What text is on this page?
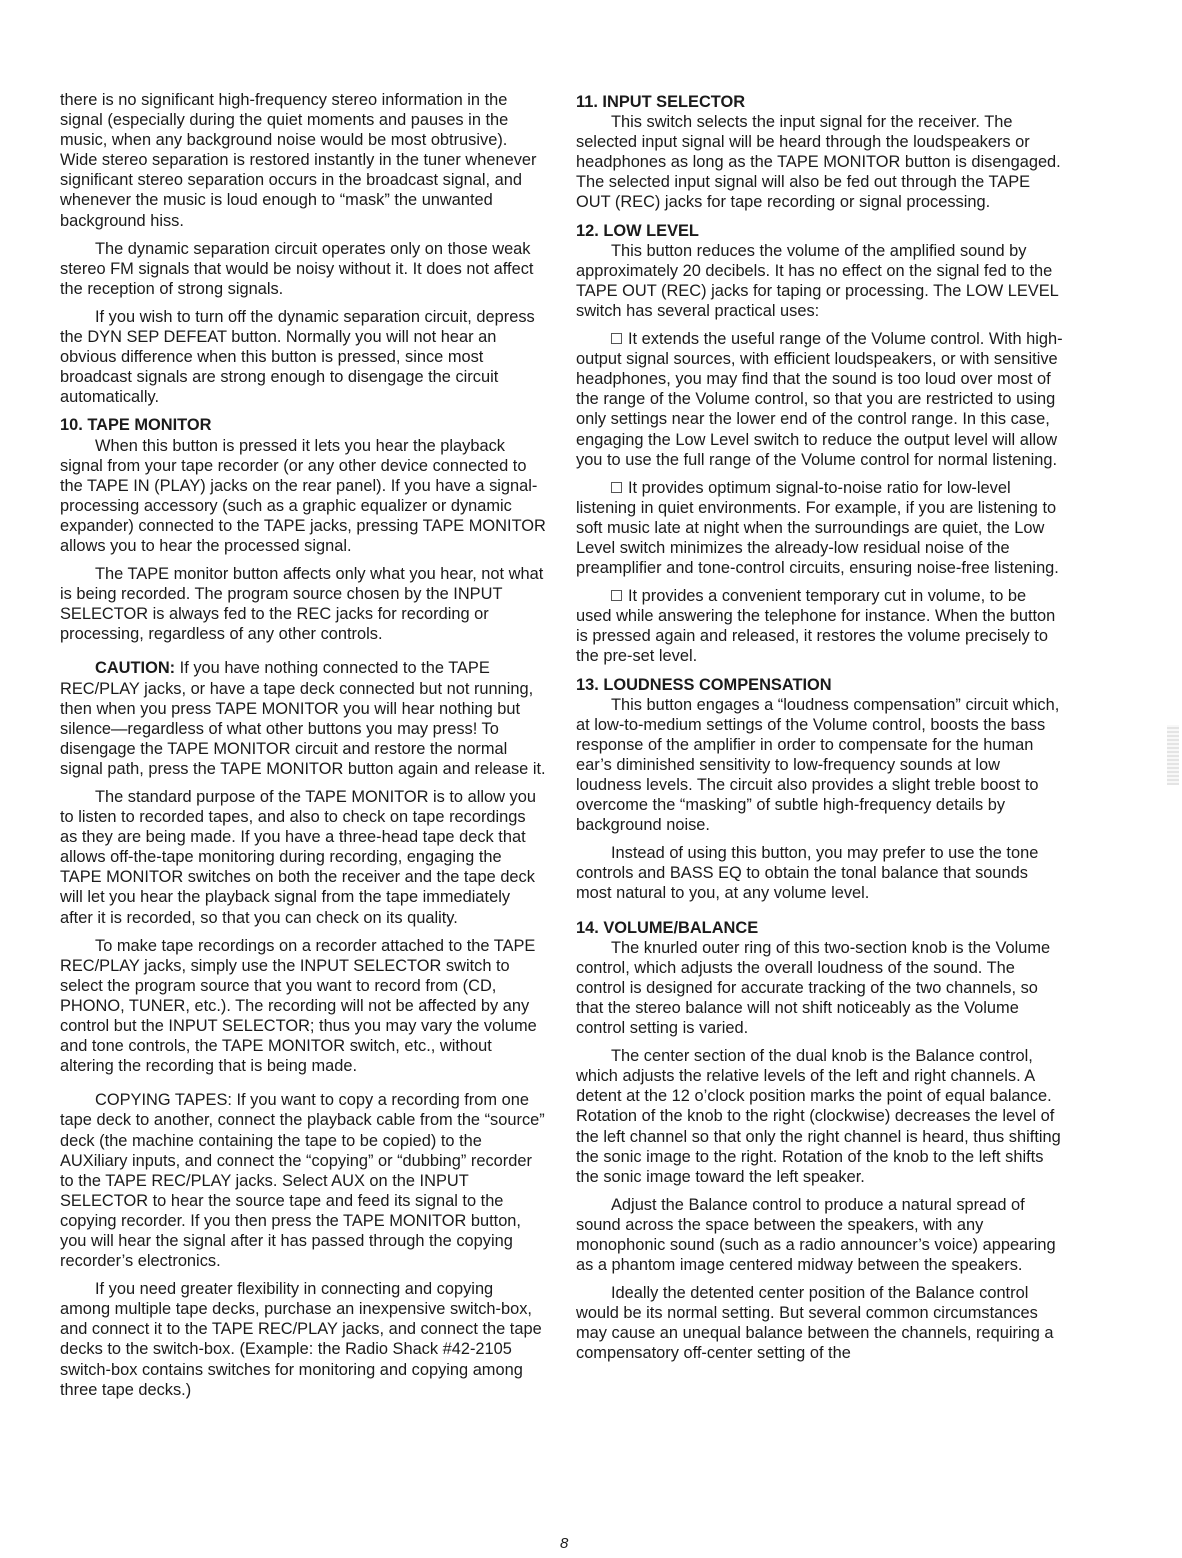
there is no significant high-frequency stereo information in the signal (especially during the quiet moments and pauses in the music, when any background noise would be most obtrusive). Wide stereo separation is restored instantly in the tuner whenever significant stereo separation occurs in the broadcast signal, and whenever the music is loud enough to “mask” the unwanted background hiss.

The dynamic separation circuit operates only on those weak stereo FM signals that would be noisy without it. It does not affect the reception of strong signals.

If you wish to turn off the dynamic separation circuit, depress the DYN SEP DEFEAT button. Normally you will not hear an obvious difference when this button is pressed, since most broadcast signals are strong enough to disengage the circuit automatically.

10. TAPE MONITOR

When this button is pressed it lets you hear the playback signal from your tape recorder (or any other device connected to the TAPE IN (PLAY) jacks on the rear panel). If you have a signal-processing accessory (such as a graphic equalizer or dynamic expander) connected to the TAPE jacks, pressing TAPE MONITOR allows you to hear the processed signal.

The TAPE monitor button affects only what you hear, not what is being recorded. The program source chosen by the INPUT SELECTOR is always fed to the REC jacks for recording or processing, regardless of any other controls.

CAUTION: If you have nothing connected to the TAPE REC/PLAY jacks, or have a tape deck connected but not running, then when you press TAPE MONITOR you will hear nothing but silence—regardless of what other buttons you may press! To disengage the TAPE MONITOR circuit and restore the normal signal path, press the TAPE MONITOR button again and release it.

The standard purpose of the TAPE MONITOR is to allow you to listen to recorded tapes, and also to check on tape recordings as they are being made. If you have a three-head tape deck that allows off-the-tape monitoring during recording, engaging the TAPE MONITOR switches on both the receiver and the tape deck will let you hear the playback signal from the tape immediately after it is recorded, so that you can check on its quality.

To make tape recordings on a recorder attached to the TAPE REC/PLAY jacks, simply use the INPUT SELECTOR switch to select the program source that you want to record from (CD, PHONO, TUNER, etc.). The recording will not be affected by any control but the INPUT SELECTOR; thus you may vary the volume and tone controls, the TAPE MONITOR switch, etc., without altering the recording that is being made.

COPYING TAPES: If you want to copy a recording from one tape deck to another, connect the playback cable from the “source” deck (the machine containing the tape to be copied) to the AUXiliary inputs, and connect the “copying” or “dubbing” recorder to the TAPE REC/PLAY jacks. Select AUX on the INPUT SELECTOR to hear the source tape and feed its signal to the copying recorder. If you then press the TAPE MONITOR button, you will hear the signal after it has passed through the copying recorder’s electronics.

If you need greater flexibility in connecting and copying among multiple tape decks, purchase an inexpensive switch-box, and connect it to the TAPE REC/PLAY jacks, and connect the tape decks to the switch-box. (Example: the Radio Shack #42-2105 switch-box contains switches for monitoring and copying among three tape decks.)

11. INPUT SELECTOR

This switch selects the input signal for the receiver. The selected input signal will be heard through the loudspeakers or headphones as long as the TAPE MONITOR button is disengaged. The selected input signal will also be fed out through the TAPE OUT (REC) jacks for tape recording or signal processing.

12. LOW LEVEL

This button reduces the volume of the amplified sound by approximately 20 decibels. It has no effect on the signal fed to the TAPE OUT (REC) jacks for taping or processing. The LOW LEVEL switch has several practical uses:

It extends the useful range of the Volume control. With high-output signal sources, with efficient loudspeakers, or with sensitive headphones, you may find that the sound is too loud over most of the range of the Volume control, so that you are restricted to using only settings near the lower end of the control range. In this case, engaging the Low Level switch to reduce the output level will allow you to use the full range of the Volume control for normal listening.

It provides optimum signal-to-noise ratio for low-level listening in quiet environments. For example, if you are listening to soft music late at night when the surroundings are quiet, the Low Level switch minimizes the already-low residual noise of the preamplifier and tone-control circuits, ensuring noise-free listening.

It provides a convenient temporary cut in volume, to be used while answering the telephone for instance. When the button is pressed again and released, it restores the volume precisely to the pre-set level.

13. LOUDNESS COMPENSATION

This button engages a “loudness compensation” circuit which, at low-to-medium settings of the Volume control, boosts the bass response of the amplifier in order to compensate for the human ear’s diminished sensitivity to low-frequency sounds at low loudness levels. The circuit also provides a slight treble boost to overcome the “masking” of subtle high-frequency details by background noise.

Instead of using this button, you may prefer to use the tone controls and BASS EQ to obtain the tonal balance that sounds most natural to you, at any volume level.

14. VOLUME/BALANCE

The knurled outer ring of this two-section knob is the Volume control, which adjusts the overall loudness of the sound. The control is designed for accurate tracking of the two channels, so that the stereo balance will not shift noticeably as the Volume control setting is varied.

The center section of the dual knob is the Balance control, which adjusts the relative levels of the left and right channels. A detent at the 12 o’clock position marks the point of equal balance. Rotation of the knob to the right (clockwise) decreases the level of the left channel so that only the right channel is heard, thus shifting the sonic image to the right. Rotation of the knob to the left shifts the sonic image toward the left speaker.

Adjust the Balance control to produce a natural spread of sound across the space between the speakers, with any monophonic sound (such as a radio announcer’s voice) appearing as a phantom image centered midway between the speakers.

Ideally the detented center position of the Balance control would be its normal setting. But several common circumstances may cause an unequal balance between the channels, requiring a compensatory off-center setting of the

8
